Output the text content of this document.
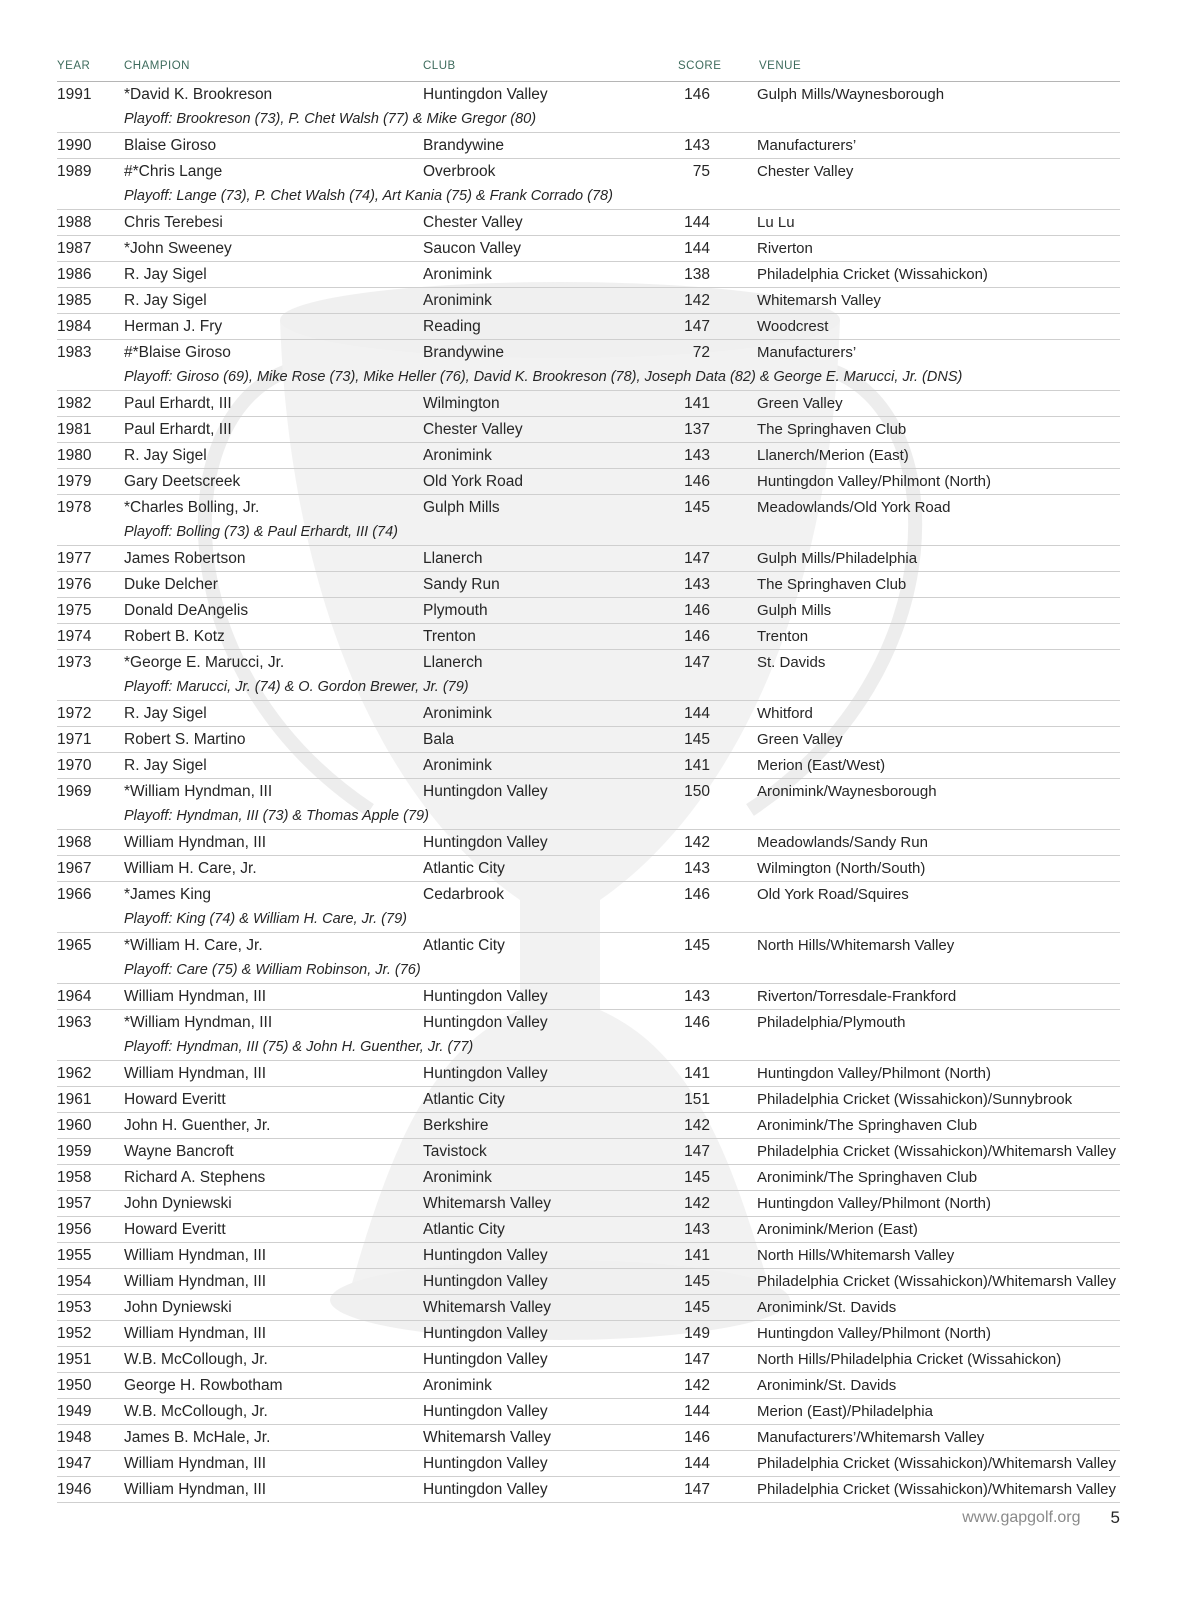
YEAR	CHAMPION	CLUB	SCORE	VENUE
1991	*David K. Brookreson	Huntingdon Valley	146	Gulph Mills/Waynesborough
Playoff: Brookreson (73), P. Chet Walsh (77) & Mike Gregor (80)
1990	Blaise Giroso	Brandywine	143	Manufacturers’
1989	#*Chris Lange	Overbrook	75	Chester Valley
Playoff: Lange (73), P. Chet Walsh (74), Art Kania (75) & Frank Corrado (78)
1988	Chris Terebesi	Chester Valley	144	Lu Lu
1987	*John Sweeney	Saucon Valley	144	Riverton
1986	R. Jay Sigel	Aronimink	138	Philadelphia Cricket (Wissahickon)
1985	R. Jay Sigel	Aronimink	142	Whitemarsh Valley
1984	Herman J. Fry	Reading	147	Woodcrest
1983	#*Blaise Giroso	Brandywine	72	Manufacturers’
Playoff: Giroso (69), Mike Rose (73), Mike Heller (76), David K. Brookreson (78), Joseph Data (82) & George E. Marucci, Jr. (DNS)
1982	Paul Erhardt, III	Wilmington	141	Green Valley
1981	Paul Erhardt, III	Chester Valley	137	The Springhaven Club
1980	R. Jay Sigel	Aronimink	143	Llanerch/Merion (East)
1979	Gary Deetscreek	Old York Road	146	Huntingdon Valley/Philmont (North)
1978	*Charles Bolling, Jr.	Gulph Mills	145	Meadowlands/Old York Road
Playoff: Bolling (73) & Paul Erhardt, III (74)
1977	James Robertson	Llanerch	147	Gulph Mills/Philadelphia
1976	Duke Delcher	Sandy Run	143	The Springhaven Club
1975	Donald DeAngelis	Plymouth	146	Gulph Mills
1974	Robert B. Kotz	Trenton	146	Trenton
1973	*George E. Marucci, Jr.	Llanerch	147	St. Davids
Playoff: Marucci, Jr. (74) & O. Gordon Brewer, Jr. (79)
1972	R. Jay Sigel	Aronimink	144	Whitford
1971	Robert S. Martino	Bala	145	Green Valley
1970	R. Jay Sigel	Aronimink	141	Merion (East/West)
1969	*William Hyndman, III	Huntingdon Valley	150	Aronimink/Waynesborough
Playoff: Hyndman, III (73) & Thomas Apple (79)
1968	William Hyndman, III	Huntingdon Valley	142	Meadowlands/Sandy Run
1967	William H. Care, Jr.	Atlantic City	143	Wilmington (North/South)
1966	*James King	Cedarbrook	146	Old York Road/Squires
Playoff: King (74) & William H. Care, Jr. (79)
1965	*William H. Care, Jr.	Atlantic City	145	North Hills/Whitemarsh Valley
Playoff: Care (75) & William Robinson, Jr. (76)
1964	William Hyndman, III	Huntingdon Valley	143	Riverton/Torresdale-Frankford
1963	*William Hyndman, III	Huntingdon Valley	146	Philadelphia/Plymouth
Playoff: Hyndman, III (75) & John H. Guenther, Jr. (77)
1962	William Hyndman, III	Huntingdon Valley	141	Huntingdon Valley/Philmont (North)
1961	Howard Everitt	Atlantic City	151	Philadelphia Cricket (Wissahickon)/Sunnybrook
1960	John H. Guenther, Jr.	Berkshire	142	Aronimink/The Springhaven Club
1959	Wayne Bancroft	Tavistock	147	Philadelphia Cricket (Wissahickon)/Whitemarsh Valley
1958	Richard A. Stephens	Aronimink	145	Aronimink/The Springhaven Club
1957	John Dyniewski	Whitemarsh Valley	142	Huntingdon Valley/Philmont (North)
1956	Howard Everitt	Atlantic City	143	Aronimink/Merion (East)
1955	William Hyndman, III	Huntingdon Valley	141	North Hills/Whitemarsh Valley
1954	William Hyndman, III	Huntingdon Valley	145	Philadelphia Cricket (Wissahickon)/Whitemarsh Valley
1953	John Dyniewski	Whitemarsh Valley	145	Aronimink/St. Davids
1952	William Hyndman, III	Huntingdon Valley	149	Huntingdon Valley/Philmont (North)
1951	W.B. McCollough, Jr.	Huntingdon Valley	147	North Hills/Philadelphia Cricket (Wissahickon)
1950	George H. Rowbotham	Aronimink	142	Aronimink/St. Davids
1949	W.B. McCollough, Jr.	Huntingdon Valley	144	Merion (East)/Philadelphia
1948	James B. McHale, Jr.	Whitemarsh Valley	146	Manufacturers’/Whitemarsh Valley
1947	William Hyndman, III	Huntingdon Valley	144	Philadelphia Cricket (Wissahickon)/Whitemarsh Valley
1946	William Hyndman, III	Huntingdon Valley	147	Philadelphia Cricket (Wissahickon)/Whitemarsh Valley
www.gapgolf.org 5
